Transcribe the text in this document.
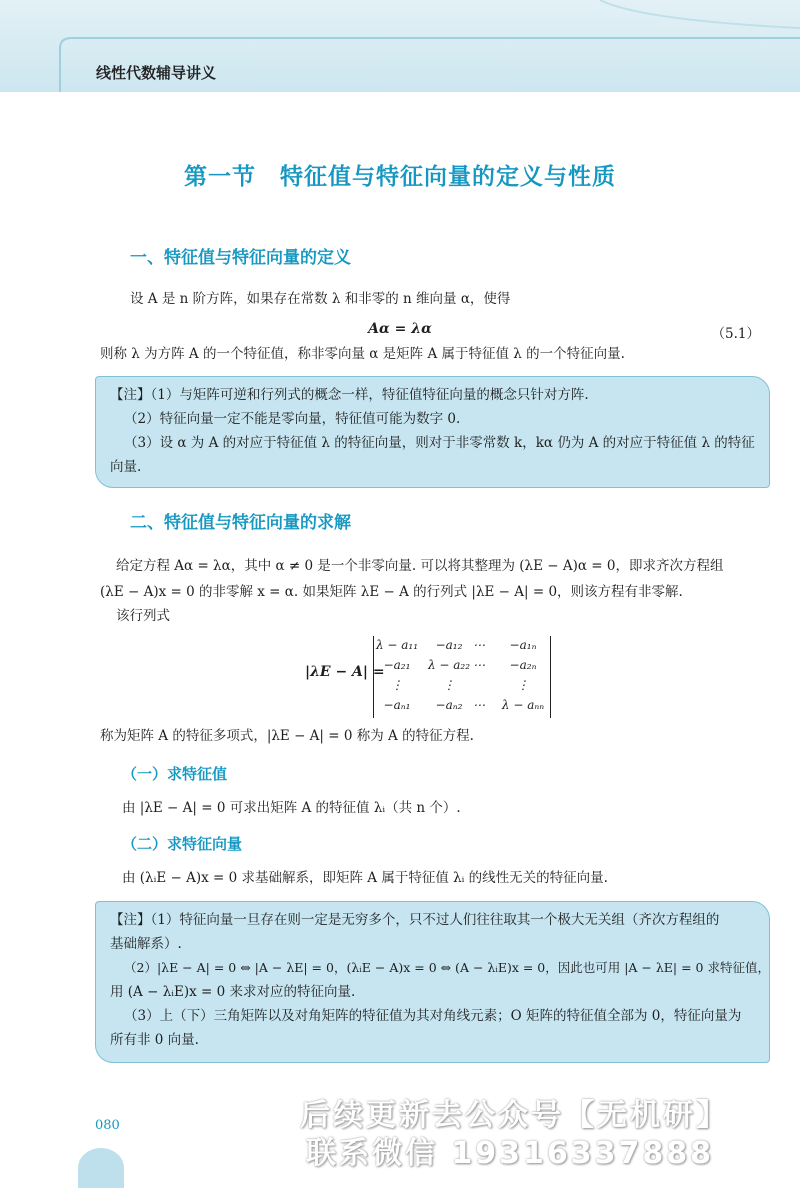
线性代数辅导讲义
第一节　特征值与特征向量的定义与性质
一、特征值与特征向量的定义
设 A 是 n 阶方阵，如果存在常数 λ 和非零的 n 维向量 α，使得
Aα = λα	（5.1）
则称 λ 为方阵 A 的一个特征值，称非零向量 α 是矩阵 A 属于特征值 λ 的一个特征向量.
【注】（1）与矩阵可逆和行列式的概念一样，特征值特征向量的概念只针对方阵.
（2）特征向量一定不能是零向量，特征值可能为数字 0.
（3）设 α 为 A 的对应于特征值 λ 的特征向量，则对于非零常数 k，kα 仍为 A 的对应于特征值 λ 的特征
向量.
二、特征值与特征向量的求解
给定方程 Aα = λα，其中 α ≠ 0 是一个非零向量. 可以将其整理为 (λE − A)α = 0，即求齐次方程组
(λE − A)x = 0 的非零解 x = α. 如果矩阵 λE − A 的行列式 |λE − A| = 0，则该方程有非零解.
该行列式
|λE − A| =
λ − a₁₁	−a₁₂ ⋯	−a₁ₙ
−a₂₁	λ − a₂₂ ⋯	−a₂ₙ
⋮	⋮	⋮
−aₙ₁	−aₙ₂ ⋯	λ − aₙₙ
称为矩阵 A 的特征多项式，|λE − A| = 0 称为 A 的特征方程.
（一）求特征值
由 |λE − A| = 0 可求出矩阵 A 的特征值 λᵢ（共 n 个）.
（二）求特征向量
由 (λᵢE − A)x = 0 求基础解系，即矩阵 A 属于特征值 λᵢ 的线性无关的特征向量.
【注】（1）特征向量一旦存在则一定是无穷多个，只不过人们往往取其一个极大无关组（齐次方程组的
基础解系）.
（2）|λE − A| = 0 ⇔ |A − λE| = 0，(λᵢE − A)x = 0 ⇔ (A − λᵢE)x = 0，因此也可用 |A − λE| = 0 求特征值，
用 (A − λᵢE)x = 0 来求对应的特征向量.
（3）上（下）三角矩阵以及对角矩阵的特征值为其对角线元素；O 矩阵的特征值全部为 0，特征向量为
所有非 0 向量.
后续更新去公众号【无机研】
联系微信 19316337888
080
